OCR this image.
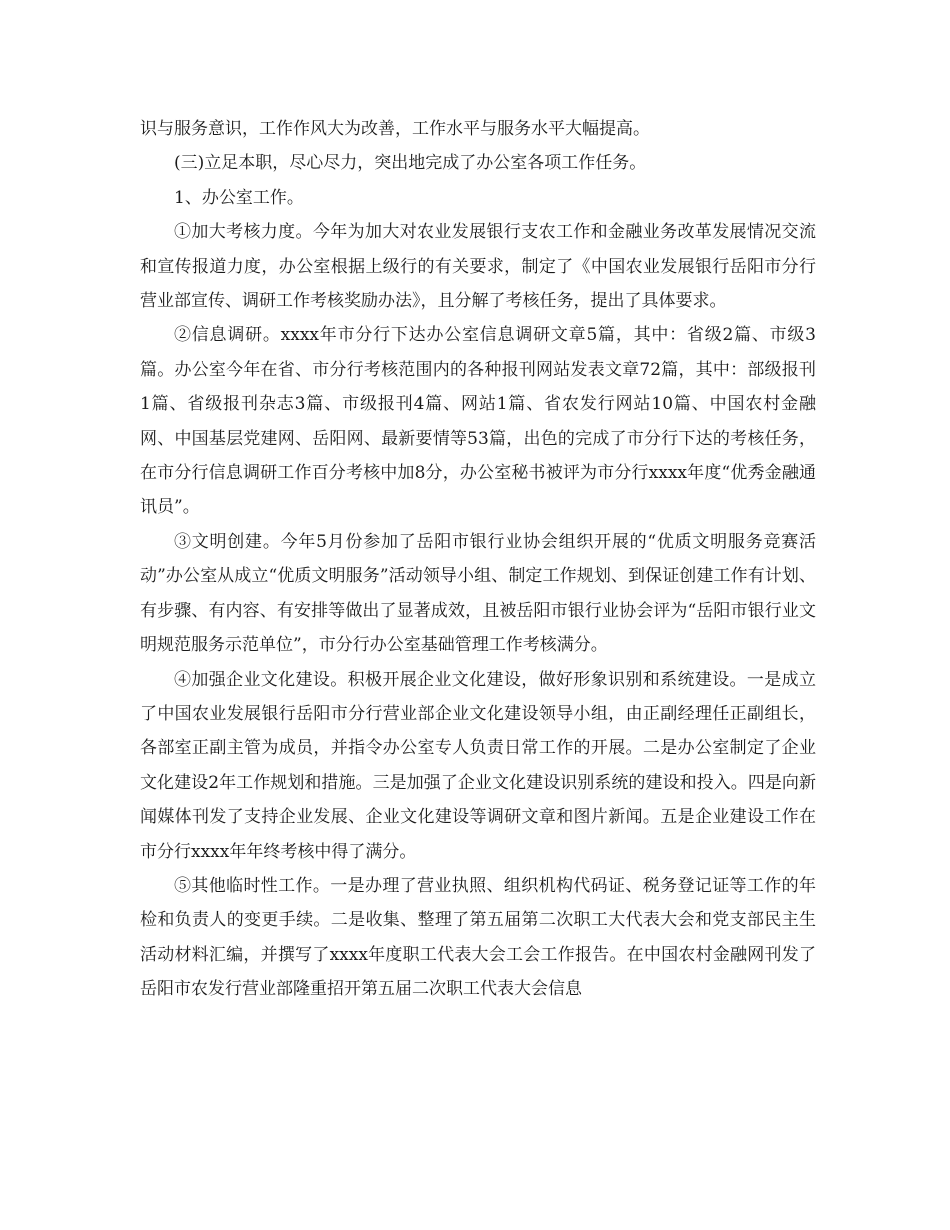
识与服务意识，工作作风大为改善，工作水平与服务水平大幅提高。

(三)立足本职，尽心尽力，突出地完成了办公室各项工作任务。

1、办公室工作。

①加大考核力度。今年为加大对农业发展银行支农工作和金融业务改革发展情况交流和宣传报道力度，办公室根据上级行的有关要求，制定了《中国农业发展银行岳阳市分行营业部宣传、调研工作考核奖励办法》，且分解了考核任务，提出了具体要求。

②信息调研。xxxx年市分行下达办公室信息调研文章5篇，其中：省级2篇、市级3篇。办公室今年在省、市分行考核范围内的各种报刊网站发表文章72篇，其中：部级报刊1篇、省级报刊杂志3篇、市级报刊4篇、网站1篇、省农发行网站10篇、中国农村金融网、中国基层党建网、岳阳网、最新要情等53篇，出色的完成了市分行下达的考核任务，在市分行信息调研工作百分考核中加8分，办公室秘书被评为市分行xxxx年度“优秀金融通讯员”。

③文明创建。今年5月份参加了岳阳市银行业协会组织开展的“优质文明服务竞赛活动”办公室从成立“优质文明服务”活动领导小组、制定工作规划、到保证创建工作有计划、有步骤、有内容、有安排等做出了显著成效，且被岳阳市银行业协会评为“岳阳市银行业文明规范服务示范单位”，市分行办公室基础管理工作考核满分。

④加强企业文化建设。积极开展企业文化建设，做好形象识别和系统建设。一是成立了中国农业发展银行岳阳市分行营业部企业文化建设领导小组，由正副经理任正副组长，各部室正副主管为成员，并指令办公室专人负责日常工作的开展。二是办公室制定了企业文化建设2年工作规划和措施。三是加强了企业文化建设识别系统的建设和投入。四是向新闻媒体刊发了支持企业发展、企业文化建设等调研文章和图片新闻。五是企业建设工作在市分行xxxx年年终考核中得了满分。

⑤其他临时性工作。一是办理了营业执照、组织机构代码证、税务登记证等工作的年检和负责人的变更手续。二是收集、整理了第五届第二次职工大代表大会和党支部民主生活动材料汇编，并撰写了xxxx年度职工代表大会工会工作报告。在中国农村金融网刊发了岳阳市农发行营业部隆重招开第五届二次职工代表大会信息
